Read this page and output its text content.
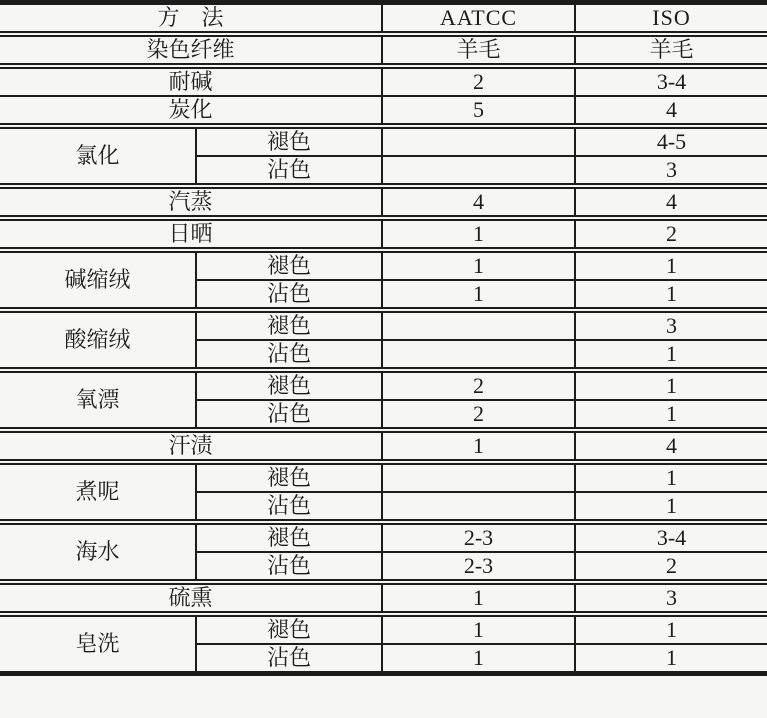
方　法		AATCC	ISO
染色纤维		羊毛	羊毛
耐碱		2	3-4
炭化		5	4
氯化	褪色		4-5
	沾色		3
汽蒸		4	4
日晒		1	2
碱缩绒	褪色	1	1
	沾色	1	1
酸缩绒	褪色		3
	沾色		1
氧漂	褪色	2	1
	沾色	2	1
汗渍		1	4
煮呢	褪色		1
	沾色		1
海水	褪色	2-3	3-4
	沾色	2-3	2
硫熏		1	3
皂洗	褪色	1	1
	沾色	1	1
